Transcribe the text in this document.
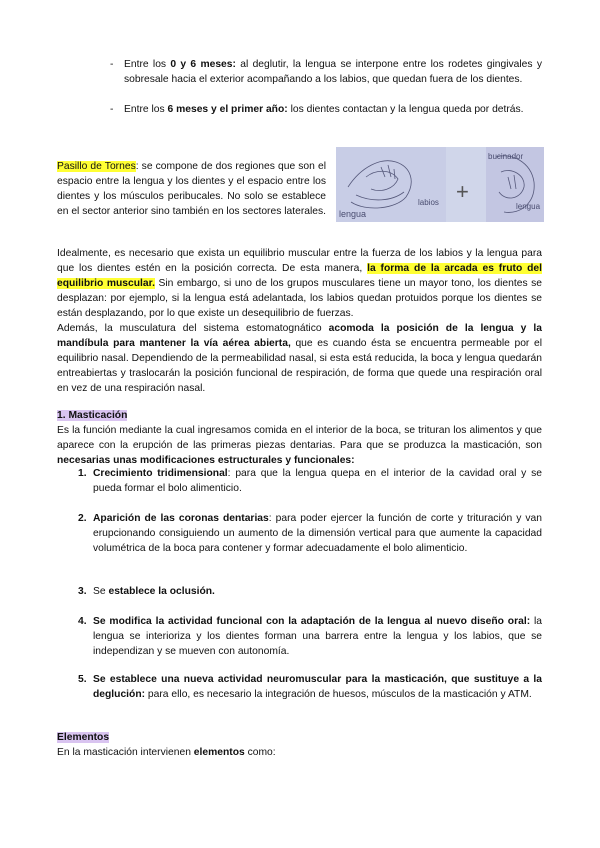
- Entre los 0 y 6 meses: al deglutir, la lengua se interpone entre los rodetes gingivales y sobresale hacia el exterior acompañando a los labios, que quedan fuera de los dientes.
- Entre los 6 meses y el primer año: los dientes contactan y la lengua queda por detrás.
Pasillo de Tornes: se compone de dos regiones que son el espacio entre la lengua y los dientes y el espacio entre los dientes y los músculos peribucales. No solo se establece en el sector anterior sino también en los sectores laterales. lengua
labios +
bucinador
lengua
Idealmente, es necesario que exista un equilibrio muscular entre la fuerza de los labios y la lengua para que los dientes estén en la posición correcta. De esta manera, la forma de la arcada es fruto del equilibrio muscular. Sin embargo, si uno de los grupos musculares tiene un mayor tono, los dientes se desplazan: por ejemplo, si la lengua está adelantada, los labios quedan protuidos porque los dientes se están desplazando, por lo que existe un desequilibrio de fuerzas.
Además, la musculatura del sistema estomatognático acomoda la posición de la lengua y la mandíbula para mantener la vía aérea abierta, que es cuando ésta se encuentra permeable por el equilibrio nasal. Dependiendo de la permeabilidad nasal, si esta está reducida, la boca y lengua quedarán entreabiertas y traslocarán la posición funcional de respiración, de forma que quede una respiración oral en vez de una respiración nasal.
1. Masticación
Es la función mediante la cual ingresamos comida en el interior de la boca, se trituran los alimentos y que aparece con la erupción de las primeras piezas dentarias. Para que se produzca la masticación, son necesarias unas modificaciones estructurales y funcionales:
1. Crecimiento tridimensional: para que la lengua quepa en el interior de la cavidad oral y se pueda formar el bolo alimenticio.
2. Aparición de las coronas dentarias: para poder ejercer la función de corte y trituración y van erupcionando consiguiendo un aumento de la dimensión vertical para que aumente la capacidad volumétrica de la boca para contener y formar adecuadamente el bolo alimenticio.
3. Se establece la oclusión.
4. Se modifica la actividad funcional con la adaptación de la lengua al nuevo diseño oral: la lengua se interioriza y los dientes forman una barrera entre la lengua y los labios, que se independizan y se mueven con autonomía.
5. Se establece una nueva actividad neuromuscular para la masticación, que sustituye a la deglución: para ello, es necesario la integración de huesos, músculos de la masticación y ATM.
Elementos
En la masticación intervienen elementos como:
